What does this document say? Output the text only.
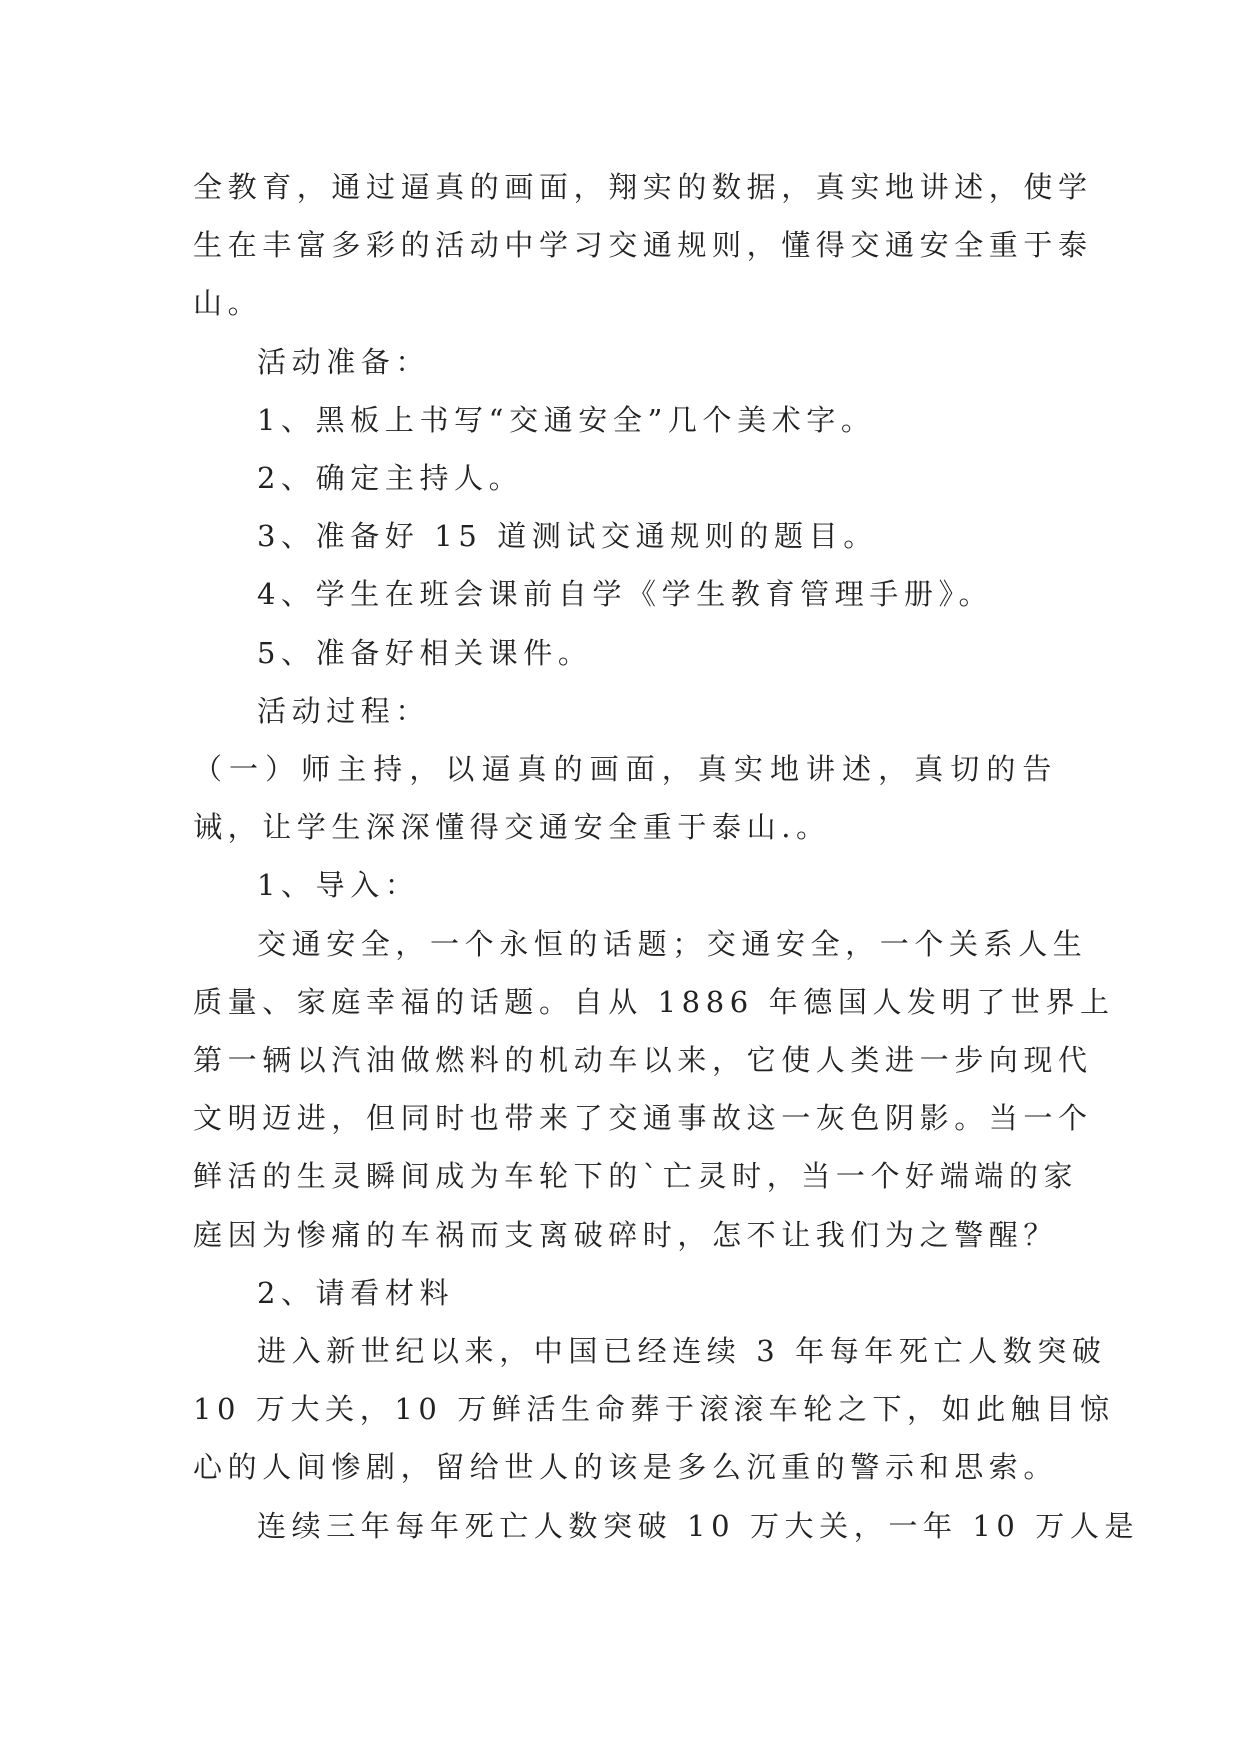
全教育，通过逼真的画面，翔实的数据，真实地讲述，使学
生在丰富多彩的活动中学习交通规则，懂得交通安全重于泰
山。
活动准备：
1、黑板上书写“交通安全”几个美术字。
2、确定主持人。
3、准备好 15 道测试交通规则的题目。
4、学生在班会课前自学《学生教育管理手册》。
5、准备好相关课件。
活动过程：
（一）师主持，以逼真的画面，真实地讲述，真切的告
诫，让学生深深懂得交通安全重于泰山.。
1、导入：
交通安全，一个永恒的话题；交通安全，一个关系人生
质量、家庭幸福的话题。自从 1886 年德国人发明了世界上
第一辆以汽油做燃料的机动车以来，它使人类进一步向现代
文明迈进，但同时也带来了交通事故这一灰色阴影。当一个
鲜活的生灵瞬间成为车轮下的`亡灵时，当一个好端端的家
庭因为惨痛的车祸而支离破碎时，怎不让我们为之警醒？
2、请看材料
进入新世纪以来，中国已经连续 3 年每年死亡人数突破
10 万大关，10 万鲜活生命葬于滚滚车轮之下，如此触目惊
心的人间惨剧，留给世人的该是多么沉重的警示和思索。
连续三年每年死亡人数突破 10 万大关，一年 10 万人是
